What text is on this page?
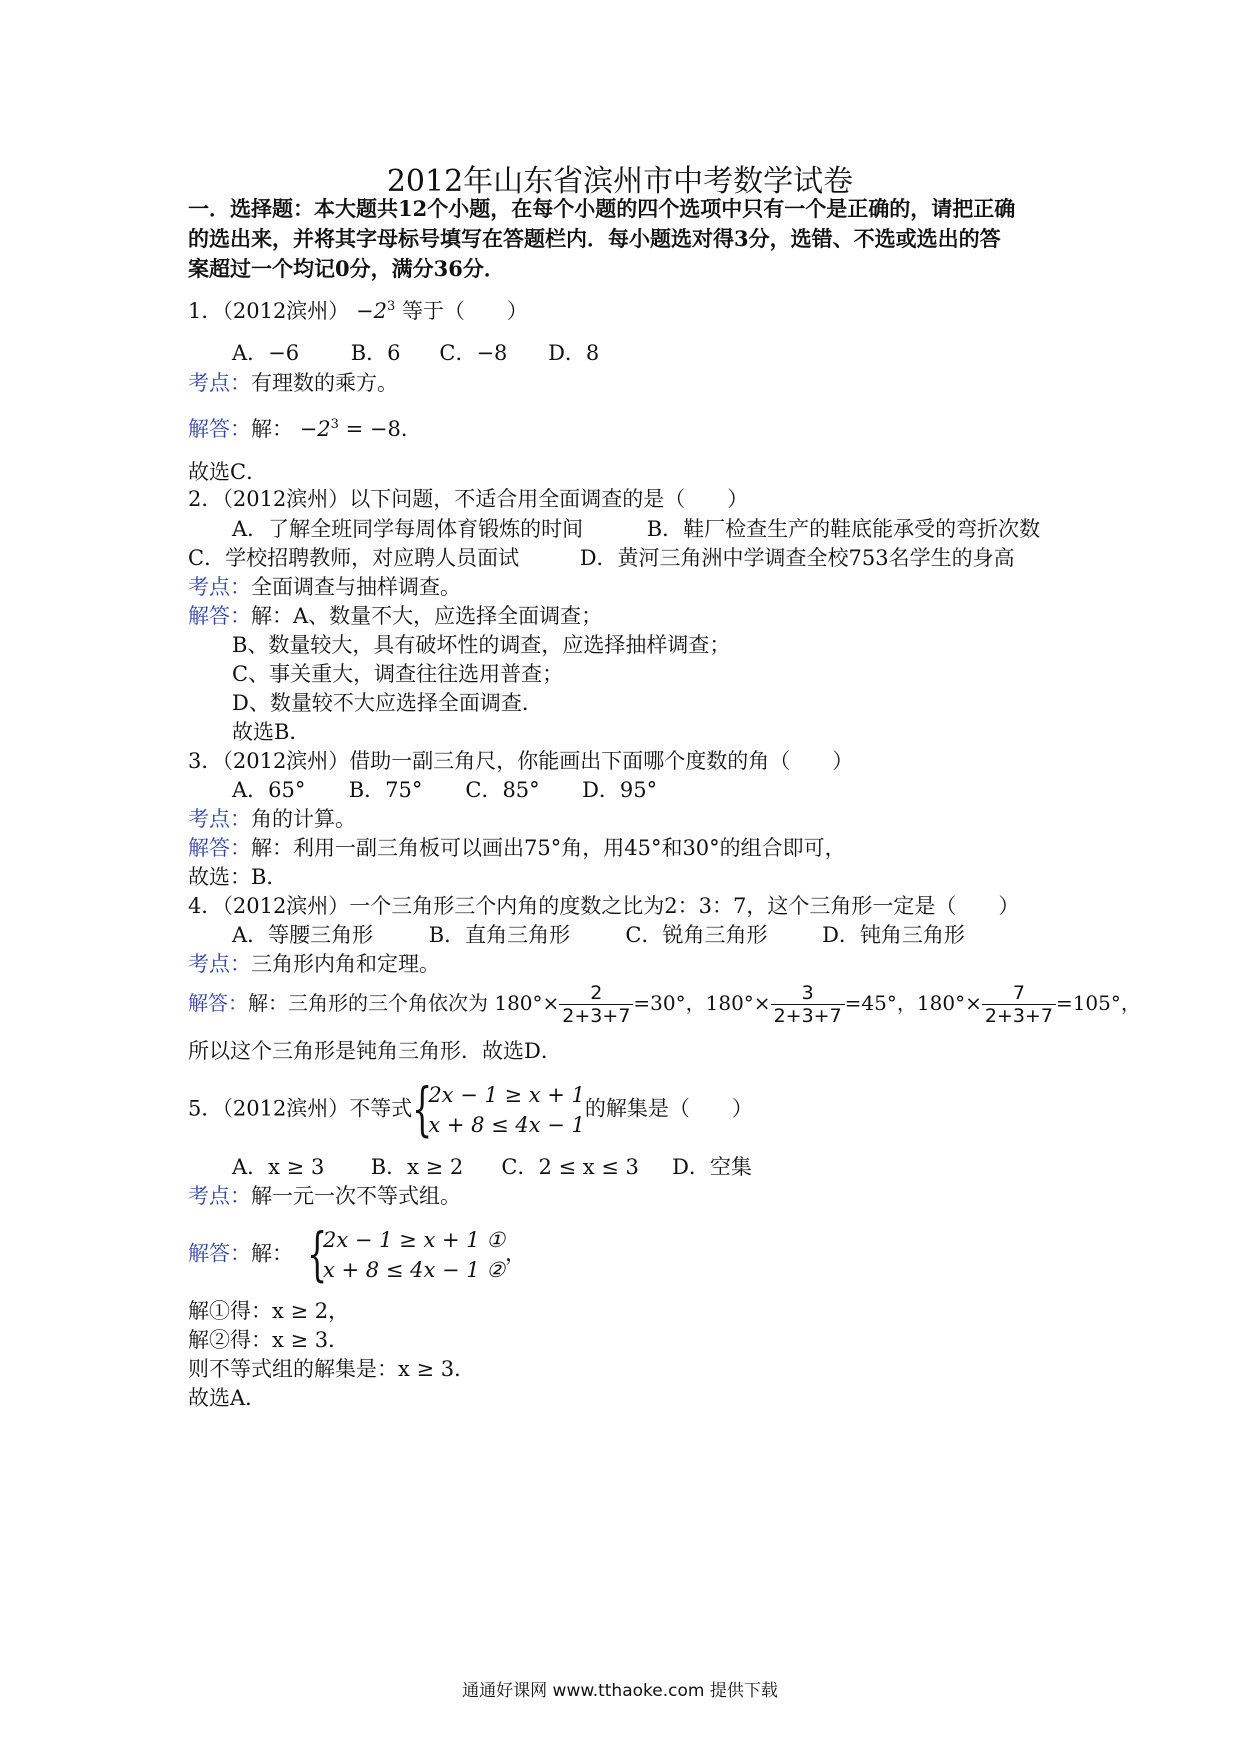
2012年山东省滨州市中考数学试卷
一．选择题：本大题共12个小题，在每个小题的四个选项中只有一个是正确的，请把正确
的选出来，并将其字母标号填写在答题栏内．每小题选对得3分，选错、不选或选出的答
案超过一个均记0分，满分36分．
1．（2012滨州） $-2^3$ 等于（　　）
A．−6 B．6 C．−8 D．8
考点：有理数的乘方。
解答：解： $-2^3 = -8$．
故选C．
2．（2012滨州）以下问题，不适合用全面调查的是（　　）
A．了解全班同学每周体育锻炼的时间	B．鞋厂检查生产的鞋底能承受的弯折次数
C．学校招聘教师，对应聘人员面试	D．黄河三角洲中学调查全校753名学生的身高
考点：全面调查与抽样调查。
解答：解：A、数量不大，应选择全面调查；
B、数量较大，具有破坏性的调查，应选择抽样调查；
C、事关重大，调查往往选用普查；
D、数量较不大应选择全面调查．
故选B．
3．（2012滨州）借助一副三角尺，你能画出下面哪个度数的角（　　）
A．65° B．75° C．85° D．95°
考点：角的计算。
解答：解：利用一副三角板可以画出75°角，用45°和30°的组合即可，
故选：B．
4．（2012滨州）一个三角形三个内角的度数之比为2：3：7，这个三角形一定是（　　）
A．等腰三角形	B．直角三角形	C．锐角三角形	D．钝角三角形
考点：三角形内角和定理。
解答：解：三角形的三个角依次为 $180^\circ\times \frac{2}{2+3+7} =30^\circ$，$180^\circ\times \frac{3}{2+3+7} =45^\circ$，$180^\circ\times \frac{7}{2+3+7} =105^\circ$，
所以这个三角形是钝角三角形．故选D．
5．（2012滨州）不等式 {
2x − 1 ≥ x + 1
x + 8 ≤ 4x − 1
的解集是（　　）
A．x ≥ 3 B．x ≥ 2 C．2 ≤ x ≤ 3 D．空集
考点：解一元一次不等式组。
解答：解： {
2x − 1 ≥ x + 1 ①
x + 8 ≤ 4x − 1 ②
，
解①得：x ≥ 2，
解②得：x ≥ 3．
则不等式组的解集是：x ≥ 3．
故选A．
通通好课网 www.tthaoke.com 提供下载
